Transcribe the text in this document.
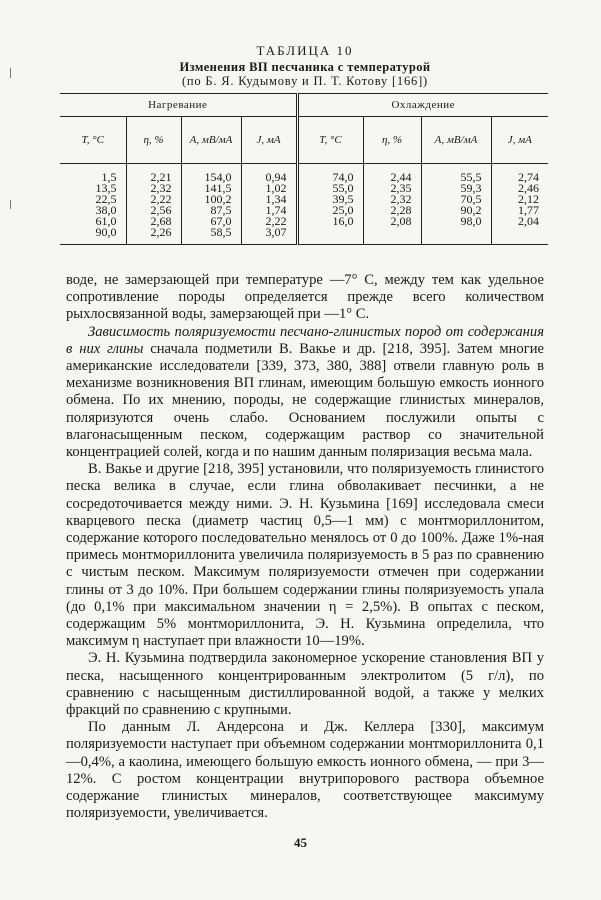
ТАБЛИЦА 10
Изменения ВП песчаника с температурой
(по Б. Я. Кудымову и П. Т. Котову [166])
Нагревание				Охлаждение			
T, °C	η, %	A, мВ/мА	J, мА	T, °C	η, %	A, мВ/мА	J, мА
1,5	2,21	154,0	0,94	74,0	2,44	55,5	2,74
13,5	2,32	141,5	1,02	55,0	2,35	59,3	2,46
22,5	2,22	100,2	1,34	39,5	2,32	70,5	2,12
38,0	2,56	87,5	1,74	25,0	2,28	90,2	1,77
61,0	2,68	67,0	2,22	16,0	2,08	98,0	2,04
90,0	2,26	58,5	3,07				

воде, не замерзающей при температуре —7° С, между тем как удельное сопротивление породы определяется прежде всего количеством рыхлосвязанной воды, замерзающей при —1° С.

Зависимость поляризуемости песчано-глинистых пород от содержания в них глины сначала подметили В. Вакье и др. [218, 395]. Затем многие американские исследователи [339, 373, 380, 388] отвели главную роль в механизме возникновения ВП глинам, имеющим большую емкость ионного обмена. По их мнению, породы, не содержащие глинистых минералов, поляризуются очень слабо. Основанием послужили опыты с влагонасыщенным песком, содержащим раствор со значительной концентрацией солей, когда и по нашим данным поляризация весьма мала.

В. Вакье и другие [218, 395] установили, что поляризуемость глинистого песка велика в случае, если глина обволакивает песчинки, а не сосредоточивается между ними. Э. Н. Кузьмина [169] исследовала смеси кварцевого песка (диаметр частиц 0,5—1 мм) с монтмориллонитом, содержание которого последовательно менялось от 0 до 100%. Даже 1%-ная примесь монтмориллонита увеличила поляризуемость в 5 раз по сравнению с чистым песком. Максимум поляризуемости отмечен при содержании глины от 3 до 10%. При большем содержании глины поляризуемость упала (до 0,1% при максимальном значении η = 2,5%). В опытах с песком, содержащим 5% монтмориллонита, Э. Н. Кузьмина определила, что максимум η наступает при влажности 10—19%.

Э. Н. Кузьмина подтвердила закономерное ускорение становления ВП у песка, насыщенного концентрированным электролитом (5 г/л), по сравнению с насыщенным дистиллированной водой, а также у мелких фракций по сравнению с крупными.

По данным Л. Андерсона и Дж. Келлера [330], максимум поляризуемости наступает при объемном содержании монтмориллонита 0,1—0,4%, а каолина, имеющего большую емкость ионного обмена, — при 3—12%. С ростом концентрации внутрипорового раствора объемное содержание глинистых минералов, соответствующее максимуму поляризуемости, увеличивается.

45
